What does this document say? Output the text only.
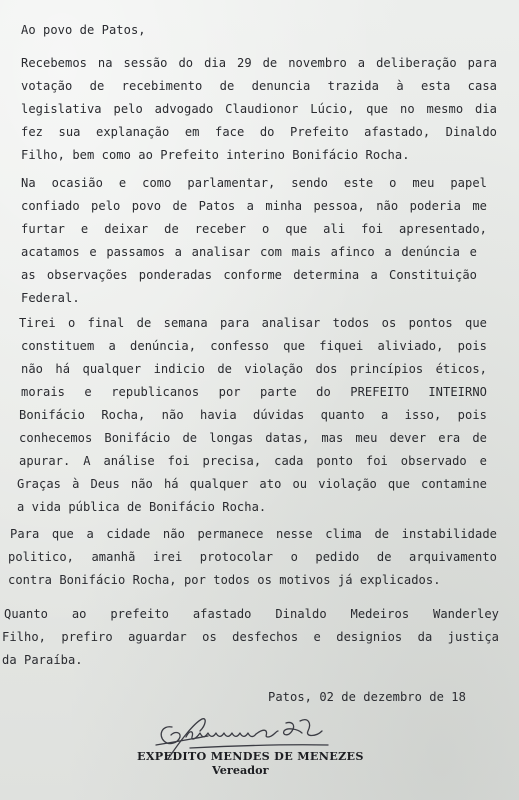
Ao povo de Patos,

Recebemos na sessão do dia 29 de novembro a deliberação para

votação de recebimento de denuncia trazida à esta casa

legislativa pelo advogado Claudionor Lúcio, que no mesmo dia

fez sua explanação em face do Prefeito afastado, Dinaldo

Filho, bem como ao Prefeito interino Bonifácio Rocha.

Na ocasião e como parlamentar, sendo este o meu papel

confiado pelo povo de Patos a minha pessoa, não poderia me

furtar e deixar de receber o que ali foi apresentado,

acatamos e passamos a analisar com mais afinco a denúncia e

as observações ponderadas conforme determina a Constituição

Federal.

Tirei o final de semana para analisar todos os pontos que

constituem a denúncia, confesso que fiquei aliviado, pois

não há qualquer indicio de violação dos princípios éticos,

morais e republicanos por parte do PREFEITO INTEIRNO

Bonifácio Rocha, não havia dúvidas quanto a isso, pois

conhecemos Bonifácio de longas datas, mas meu dever era de

apurar. A análise foi precisa, cada ponto foi observado e

Graças à Deus não há qualquer ato ou violação que contamine

a vida pública de Bonifácio Rocha.

Para que a cidade não permanece nesse clima de instabilidade

politico, amanhã irei protocolar o pedido de arquivamento

contra Bonifácio Rocha, por todos os motivos já explicados.

Quanto ao prefeito afastado Dinaldo Medeiros Wanderley

Filho, prefiro aguardar os desfechos e designios da justiça

da Paraíba.

Patos, 02 de dezembro de 18

EXPEDITO MENDES DE MENEZES
Vereador
